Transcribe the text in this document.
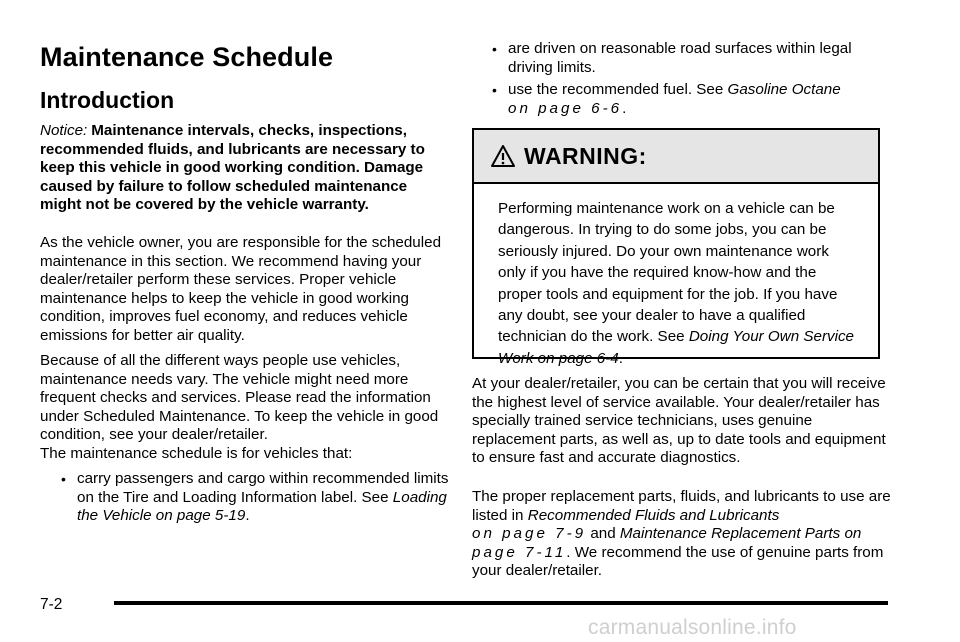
Maintenance Schedule
Introduction

Notice: Maintenance intervals, checks, inspections, recommended fluids, and lubricants are necessary to keep this vehicle in good working condition. Damage caused by failure to follow scheduled maintenance might not be covered by the vehicle warranty.

As the vehicle owner, you are responsible for the scheduled maintenance in this section. We recommend having your dealer/retailer perform these services. Proper vehicle maintenance helps to keep the vehicle in good working condition, improves fuel economy, and reduces vehicle emissions for better air quality.

Because of all the different ways people use vehicles, maintenance needs vary. The vehicle might need more frequent checks and services. Please read the information under Scheduled Maintenance. To keep the vehicle in good condition, see your dealer/retailer.

The maintenance schedule is for vehicles that:

• carry passengers and cargo within recommended limits on the Tire and Loading Information label. See Loading the Vehicle on page 5-19.
• are driven on reasonable road surfaces within legal driving limits.
• use the recommended fuel. See Gasoline Octane
on page 6-6.
WARNING:
Performing maintenance work on a vehicle can be dangerous. In trying to do some jobs, you can be seriously injured. Do your own maintenance work only if you have the required know-how and the proper tools and equipment for the job. If you have any doubt, see your dealer to have a qualified technician do the work. See Doing Your Own Service Work on page 6-4.

At your dealer/retailer, you can be certain that you will receive the highest level of service available. Your dealer/retailer has specially trained service technicians, uses genuine replacement parts, as well as, up to date tools and equipment to ensure fast and accurate diagnostics.

The proper replacement parts, fluids, and lubricants to use are listed in Recommended Fluids and Lubricants
on page 7-9 and Maintenance Replacement Parts on
page 7-11. We recommend the use of genuine parts from your dealer/retailer.

7-2
carmanualsonline.info
